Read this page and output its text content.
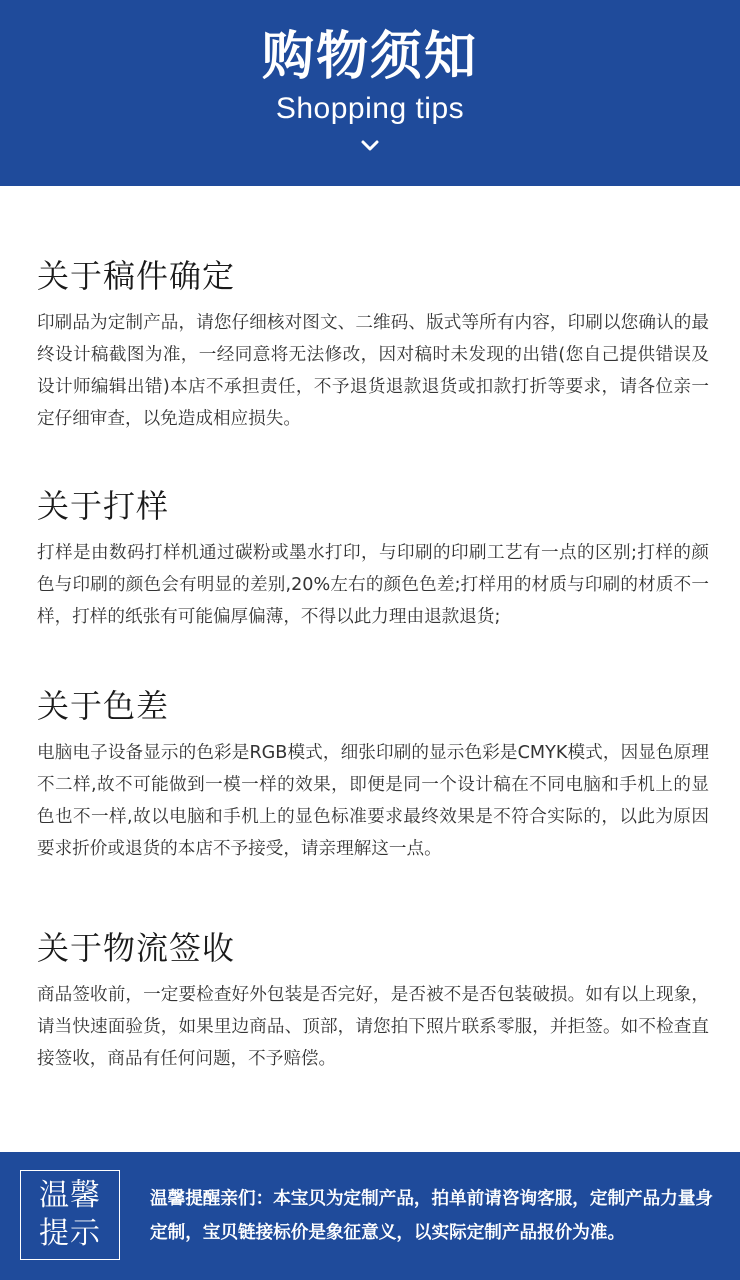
购物须知
Shopping tips
关于稿件确定
印刷品为定制产品，请您仔细核对图文、二维码、版式等所有内容，印刷以您确认的最终设计稿截图为准，一经同意将无法修改，因对稿时未发现的出错(您自己提供错误及设计师编辑出错)本店不承担责任，不予退货退款退货或扣款打折等要求，请各位亲一定仔细审查，以免造成相应损失。
关于打样
打样是由数码打样机通过碳粉或墨水打印，与印刷的印刷工艺有一点的区别;打样的颜色与印刷的颜色会有明显的差别,20%左右的颜色色差;打样用的材质与印刷的材质不一样，打样的纸张有可能偏厚偏薄，不得以此力理由退款退货;
关于色差
电脑电子设备显示的色彩是RGB模式，细张印刷的显示色彩是CMYK模式，因显色原理不二样,故不可能做到一模一样的效果，即便是同一个设计稿在不同电脑和手机上的显色也不一样,故以电脑和手机上的显色标准要求最终效果是不符合实际的，以此为原因要求折价或退货的本店不予接受，请亲理解这一点。
关于物流签收
商品签收前，一定要检查好外包装是否完好，是否被不是否包装破损。如有以上现象，请当快速面验货，如果里边商品、顶部，请您拍下照片联系零服，并拒签。如不检查直接签收，商品有任何问题，不予赔偿。
温馨
提示
温馨提醒亲们：本宝贝为定制产品，拍单前请咨询客服，定制产品力量身定制，宝贝链接标价是象征意义，以实际定制产品报价为准。
